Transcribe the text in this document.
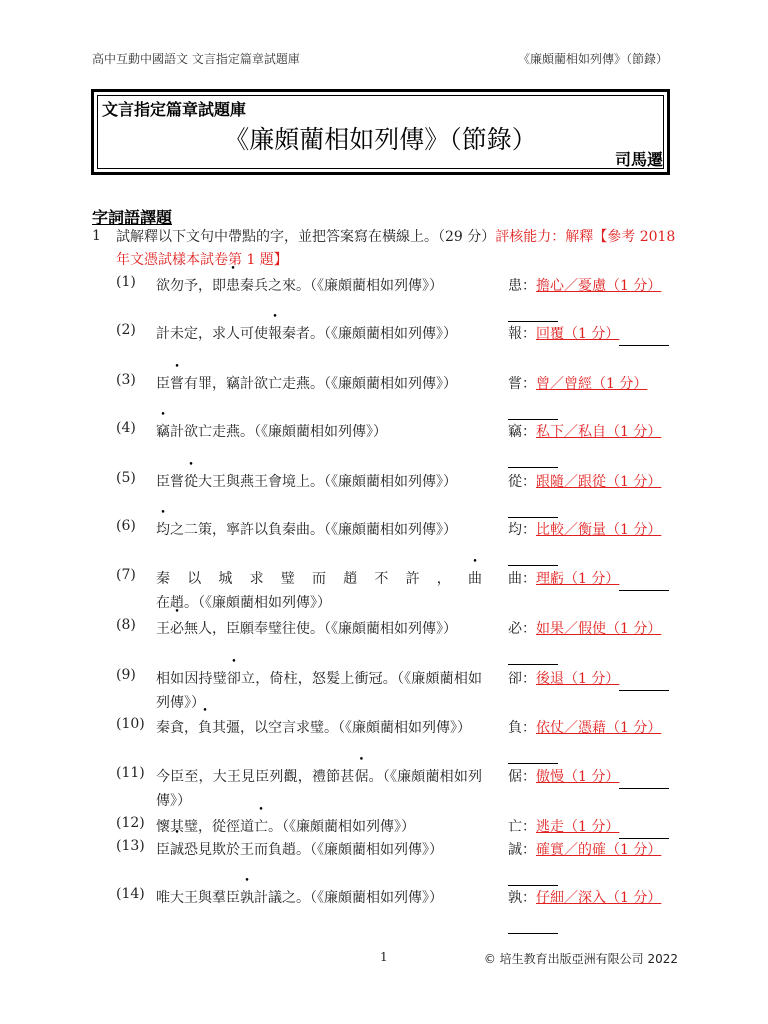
高中互動中國語文 文言指定篇章試題庫	《廉頗藺相如列傳》（節錄）
文言指定篇章試題庫
《廉頗藺相如列傳》（節錄）
司馬遷
字詞語譯題
1 試解釋以下文句中帶點的字，並把答案寫在橫線上。（29 分）評核能力：解釋【參考 2018 年文憑試樣本試卷第 1 題】
(1) 欲勿予，即患秦兵之來。（《廉頗藺相如列傳》）	患：擔心／憂慮（1 分）
(2) 計未定，求人可使報秦者。（《廉頗藺相如列傳》）	報：回覆（1 分）
(3) 臣嘗有罪，竊計欲亡走燕。（《廉頗藺相如列傳》）	嘗：曾／曾經（1 分）
(4) 竊計欲亡走燕。（《廉頗藺相如列傳》）	竊：私下／私自（1 分）
(5) 臣嘗從大王與燕王會境上。（《廉頗藺相如列傳》）	從：跟隨／跟從（1 分）
(6) 均之二策，寧許以負秦曲。（《廉頗藺相如列傳》）	均：比較／衡量（1 分）
(7) 秦以城求璧而趙不許，曲在趙。（《廉頗藺相如列傳》）
曲：理虧（1 分）
(8) 王必無人，臣願奉璧往使。（《廉頗藺相如列傳》）	必：如果／假使（1 分）
(9) 相如因持璧卻立，倚柱，怒髮上衝冠。（《廉頗藺相如列傳》）
卻：後退（1 分）
(10) 秦貪，負其彊，以空言求璧。（《廉頗藺相如列傳》）	負：依仗／憑藉（1 分）
(11) 今臣至，大王見臣列觀，禮節甚倨。（《廉頗藺相如列傳》）
倨：傲慢（1 分）
(12) 懷其璧，從徑道亡。（《廉頗藺相如列傳》）	亡：逃走（1 分）
(13) 臣誠恐見欺於王而負趙。（《廉頗藺相如列傳》）	誠：確實／的確（1 分）
(14) 唯大王與羣臣孰計議之。（《廉頗藺相如列傳》）	孰：仔細／深入（1 分）
1	© 培生教育出版亞洲有限公司 2022
